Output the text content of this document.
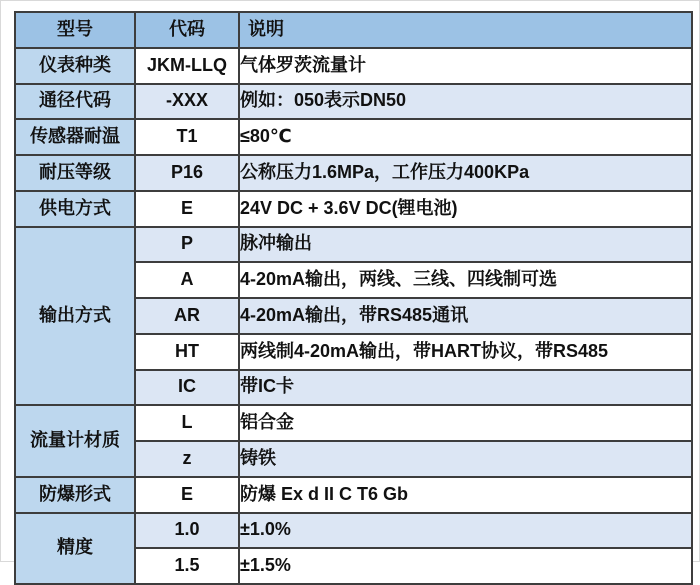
型号	代码	说明
仪表种类	JKM-LLQ	气体罗茨流量计
通径代码	-XXX	例如：050表示DN50
传感器耐温	T1	≤80℃
耐压等级	P16	公称压力1.6MPa，工作压力400KPa
供电方式	E	24V DC + 3.6V DC(锂电池)
输出方式	P	脉冲输出
	A	4-20mA输出，两线、三线、四线制可选
	AR	4-20mA输出，带RS485通讯
	HT	两线制4-20mA输出，带HART协议，带RS485
	IC	带IC卡
流量计材质	L	铝合金
	z	铸铁
防爆形式	E	防爆 Ex d II C T6 Gb
精度	1.0	±1.0%
	1.5	±1.5%
